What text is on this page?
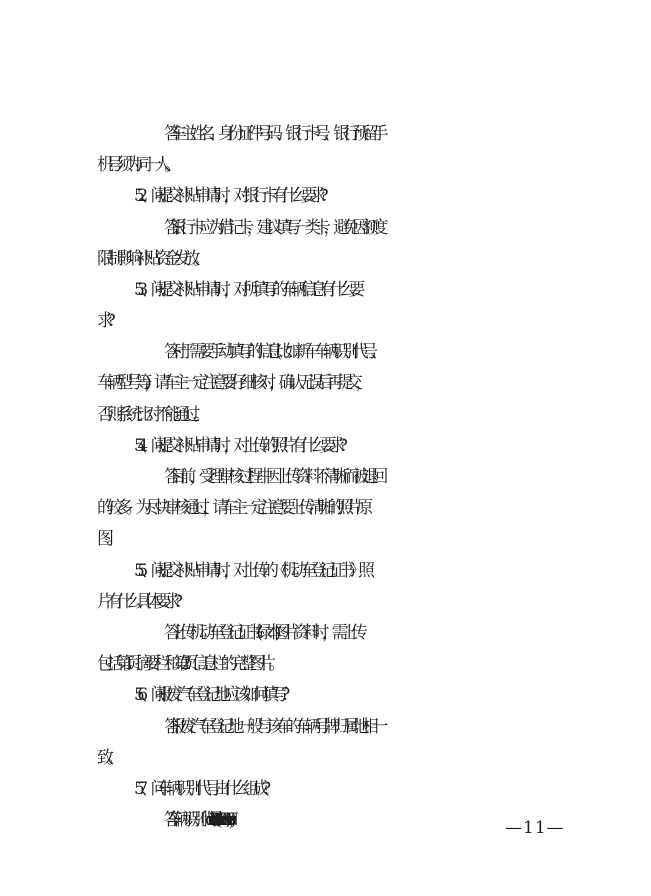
答: 车主姓名、身份证件号码、银行卡号、银行预留手
机号须为同一人。
52、问: 提交补贴申请时，对银行卡有什么要求?
答: 银行卡应为借记卡，建议填写一类卡，避免因额度
限制影响补贴资金发放。
53、问: 提交补贴申请时，对所填写的车辆信息有什么要
求?
答: 对于需要手动填写的信息(比如新车车辆识别代号、
车辆型号等)，请车主一定注意要仔细核对，确认无误后再提交，
否则系统比对不能通过。
54、问: 提交补贴申请时，对上传的照片有什么要求?
答: 目前，受理审核过程中因上传资料不清晰而被退回
的较多。为尽快审核通过，请车主一定注意要上传清晰的照片原
图。
55、问: 提交补贴申请时，对上传的《机动车登记证书》照
片有什么具体要求?
答: 上传机动车登记证书(绿本)图片资料时，需上传
包括第 1 页摘要栏和第 2 页信息栏的完整图片。
56、问: 报废汽车登记地应该如何填写?
答: 报废汽车登记地一般与该车的车辆号牌归属地相一
致。
57、问: 车辆识别代号由什么组成?
答: 车辆识别代号(VehicleIdentificationNumber,VIN)，	—11—
